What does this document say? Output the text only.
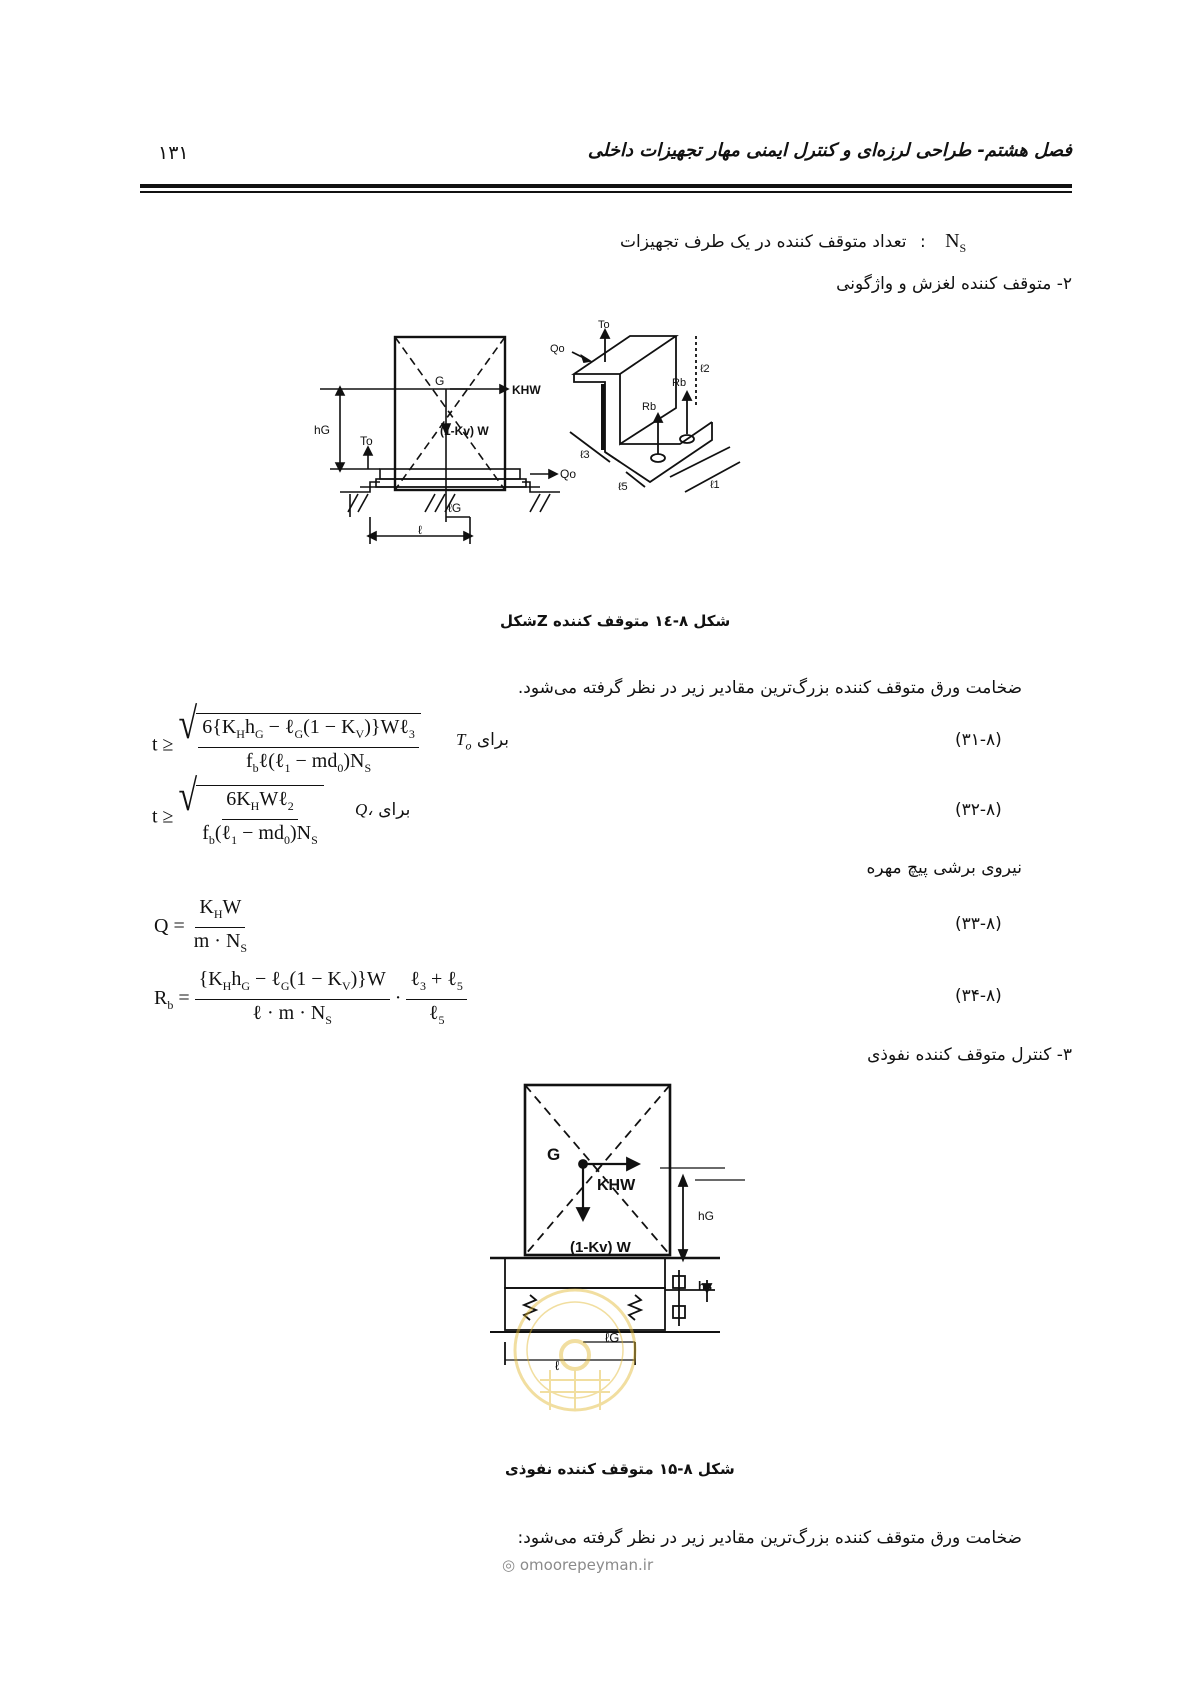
فصل هشتم- طراحی لرزه‌ای و کنترل ایمنی مهار تجهیزات داخلی
۱۳۱
تعداد متوقف کننده در یک طرف تجهیزات : $N_S$
۲- متوقف کننده لغزش و واژگونی
G
KHW
(1-Kv) W
hG
To
Qo
ℓG
ℓ
To
Qo
Rb
Rb
ℓ2
ℓ3
ℓ5	ℓ1
شکل ۸-۱٤ متوقف کننده Zشکل
ضخامت ورق متوقف کننده بزرگ‌ترین مقادیر زیر در نظر گرفته می‌شود.
t ≥ √ $\frac{6\{K_Hh_G - \ell_G(1 - K_V)\}W\ell_3}{f_b\ell(\ell_1 - md_0)N_S} T_o$ برای	(۳۱-۸)
t ≥ √ $\frac{6K_HW\ell_2}{f_b(\ell_1 - md_0)N_S}$ Q، برای	(۳۲-۸)
نیروی برشی پیچ مهره
$Q = \frac{K_HW}{m \cdot N_S}$	(۳۳-۸)
$R_b = \frac{\{K_Hh_G - \ell_G(1 - K_V)\}W}{\ell \cdot m \cdot N_S} \cdot \frac{\ell_3 + \ell_5}{\ell_5}$	(۳۴-۸)
۳- کنترل متوقف کننده نفوذی
G
KHW
(1-Kv) W
hG
hs
ℓG
ℓ
شکل ۸-۱۵ متوقف کننده نفوذی
ضخامت ورق متوقف کننده بزرگ‌ترین مقادیر زیر در نظر گرفته می‌شود:
◎ omoorepeyman.ir
